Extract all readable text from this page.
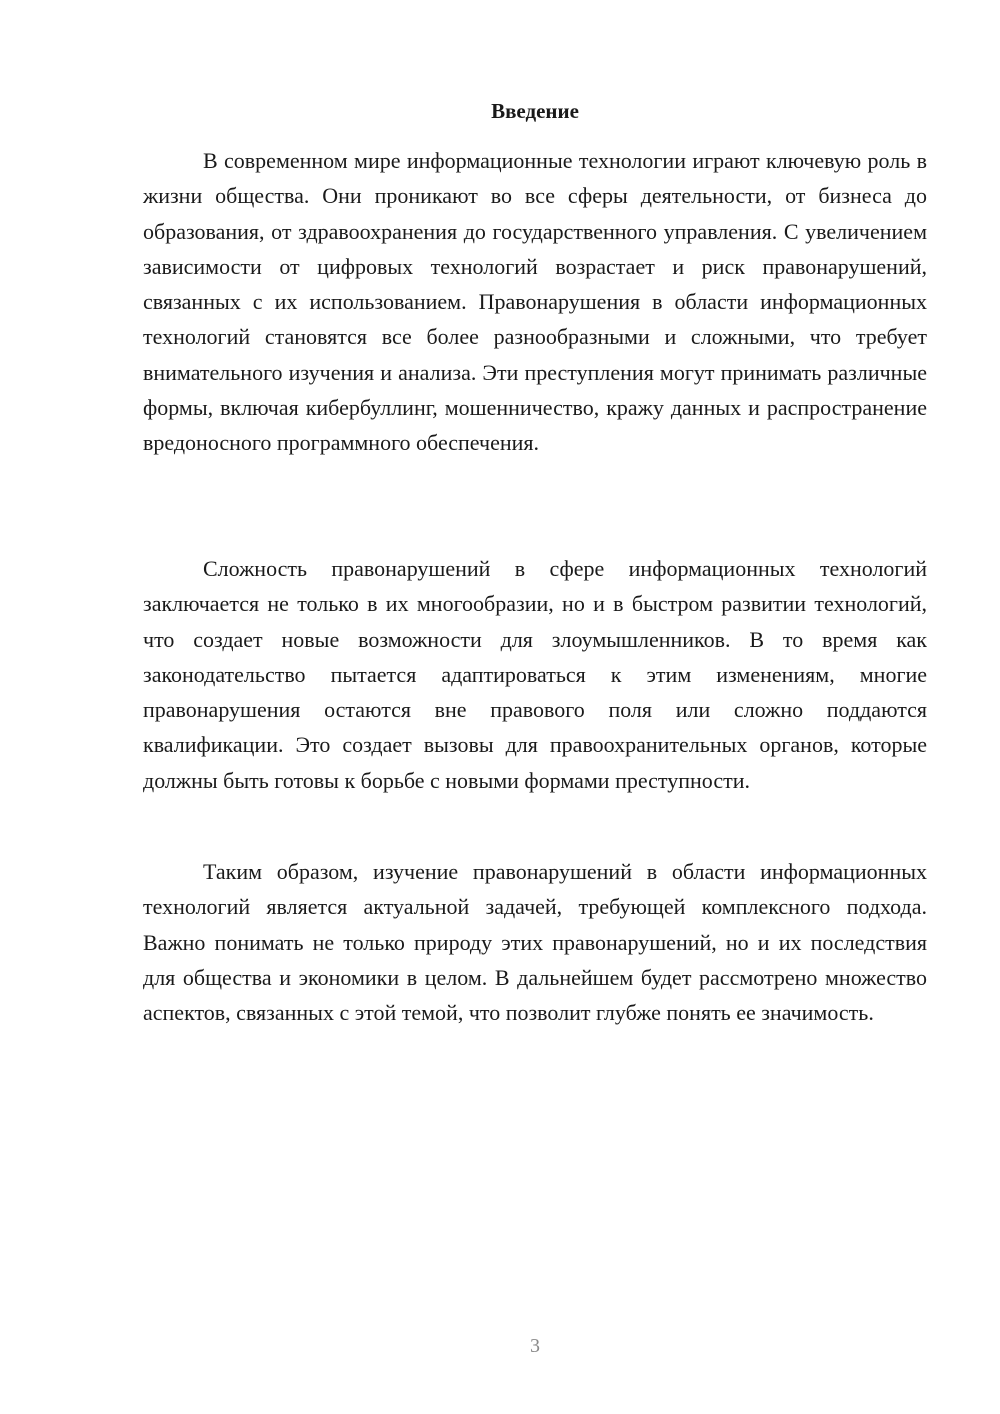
Введение

В современном мире информационные технологии играют ключевую роль в жизни общества. Они проникают во все сферы деятельности, от бизнеса до образования, от здравоохранения до государственного управления. С увеличением зависимости от цифровых технологий возрастает и риск правонарушений, связанных с их использованием. Правонарушения в области информационных технологий становятся все более разнообразными и сложными, что требует внимательного изучения и анализа. Эти преступления могут принимать различные формы, включая кибербуллинг, мошенничество, кражу данных и распространение вредоносного программного обеспечения.

Сложность правонарушений в сфере информационных технологий заключается не только в их многообразии, но и в быстром развитии технологий, что создает новые возможности для злоумышленников. В то время как законодательство пытается адаптироваться к этим изменениям, многие правонарушения остаются вне правового поля или сложно поддаются квалификации. Это создает вызовы для правоохранительных органов, которые должны быть готовы к борьбе с новыми формами преступности.

Таким образом, изучение правонарушений в области информационных технологий является актуальной задачей, требующей комплексного подхода. Важно понимать не только природу этих правонарушений, но и их последствия для общества и экономики в целом. В дальнейшем будет рассмотрено множество аспектов, связанных с этой темой, что позволит глубже понять ее значимость.

3
